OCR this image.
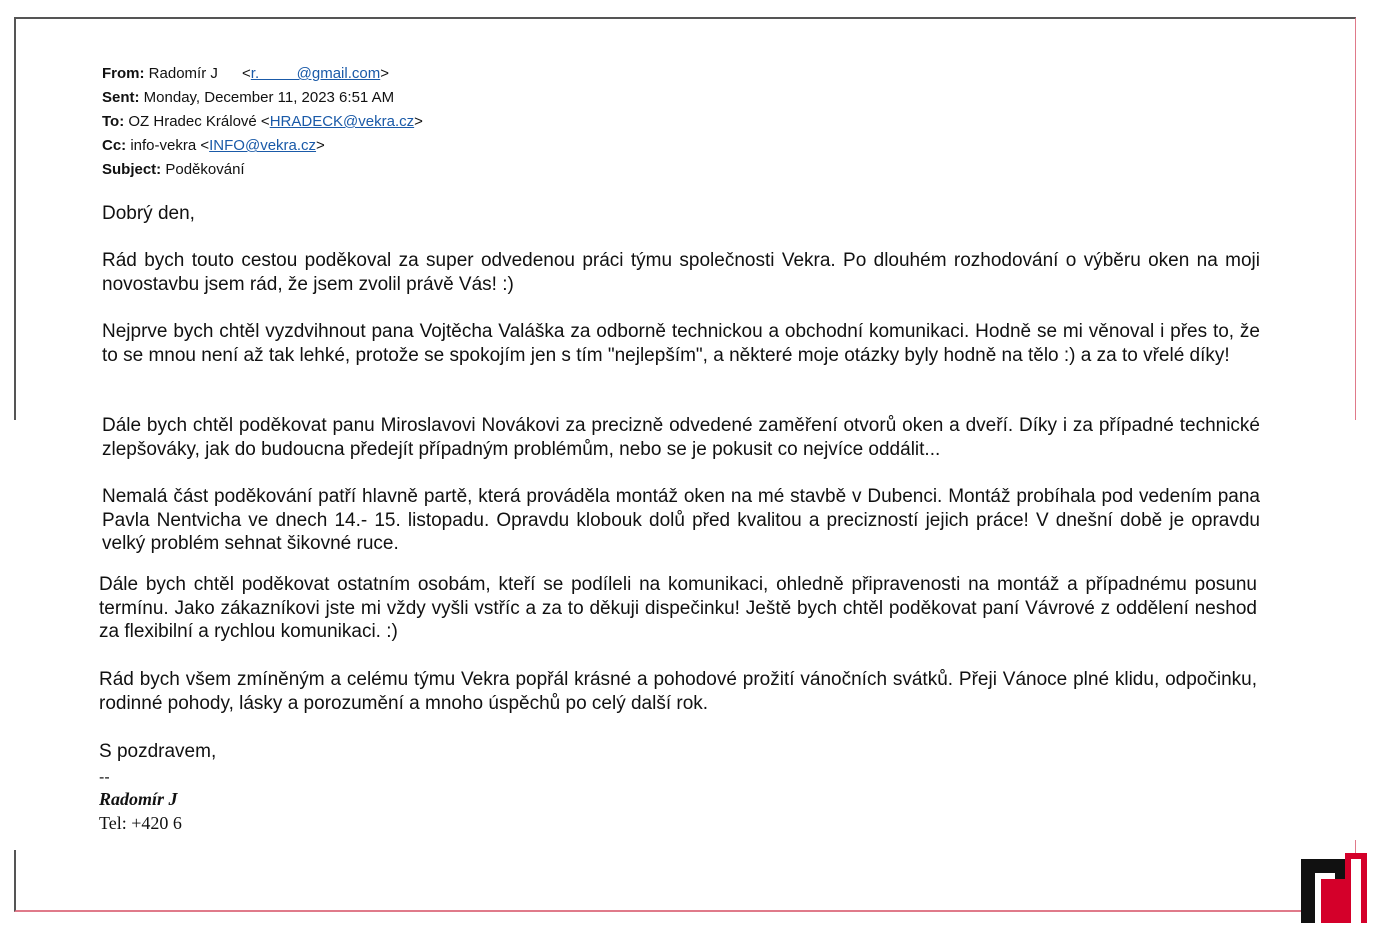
From: Radomír J <r.         @gmail.com>
Sent: Monday, December 11, 2023 6:51 AM
To: OZ Hradec Králové <HRADECK@vekra.cz>
Cc: info-vekra <INFO@vekra.cz>
Subject: Poděkování
Dobrý den,
Rád bych touto cestou poděkoval za super odvedenou práci týmu společnosti Vekra. Po dlouhém rozhodování o výběru oken na moji novostavbu jsem rád, že jsem zvolil právě Vás! :)
Nejprve bych chtěl vyzdvihnout pana Vojtěcha Valáška za odborně technickou a obchodní komunikaci. Hodně se mi věnoval i přes to, že to se mnou není až tak lehké, protože se spokojím jen s tím "nejlepším", a některé moje otázky byly hodně na tělo :) a za to vřelé díky!
Dále bych chtěl poděkovat panu Miroslavovi Novákovi za precizně odvedené zaměření otvorů oken a dveří. Díky i za případné technické zlepšováky, jak do budoucna předejít případným problémům, nebo se je pokusit co nejvíce oddálit...
Nemalá část poděkování patří hlavně partě, která prováděla montáž oken na mé stavbě v Dubenci. Montáž probíhala pod vedením pana Pavla Nentvicha ve dnech 14.- 15. listopadu. Opravdu klobouk dolů před kvalitou a precizností jejich práce! V dnešní době je opravdu velký problém sehnat šikovné ruce.
Dále bych chtěl poděkovat ostatním osobám, kteří se podíleli na komunikaci, ohledně připravenosti na montáž a případnému posunu termínu. Jako zákazníkovi jste mi vždy vyšli vstříc a za to děkuji dispečinku! Ještě bych chtěl poděkovat paní Vávrové z oddělení neshod za flexibilní a rychlou komunikaci. :)
Rád bych všem zmíněným a celému týmu Vekra popřál krásné a pohodové prožití vánočních svátků. Přeji Vánoce plné klidu, odpočinku, rodinné pohody, lásky a porozumění a mnoho úspěchů po celý další rok.
S pozdravem,
--
Radomír J
Tel: +420 6
